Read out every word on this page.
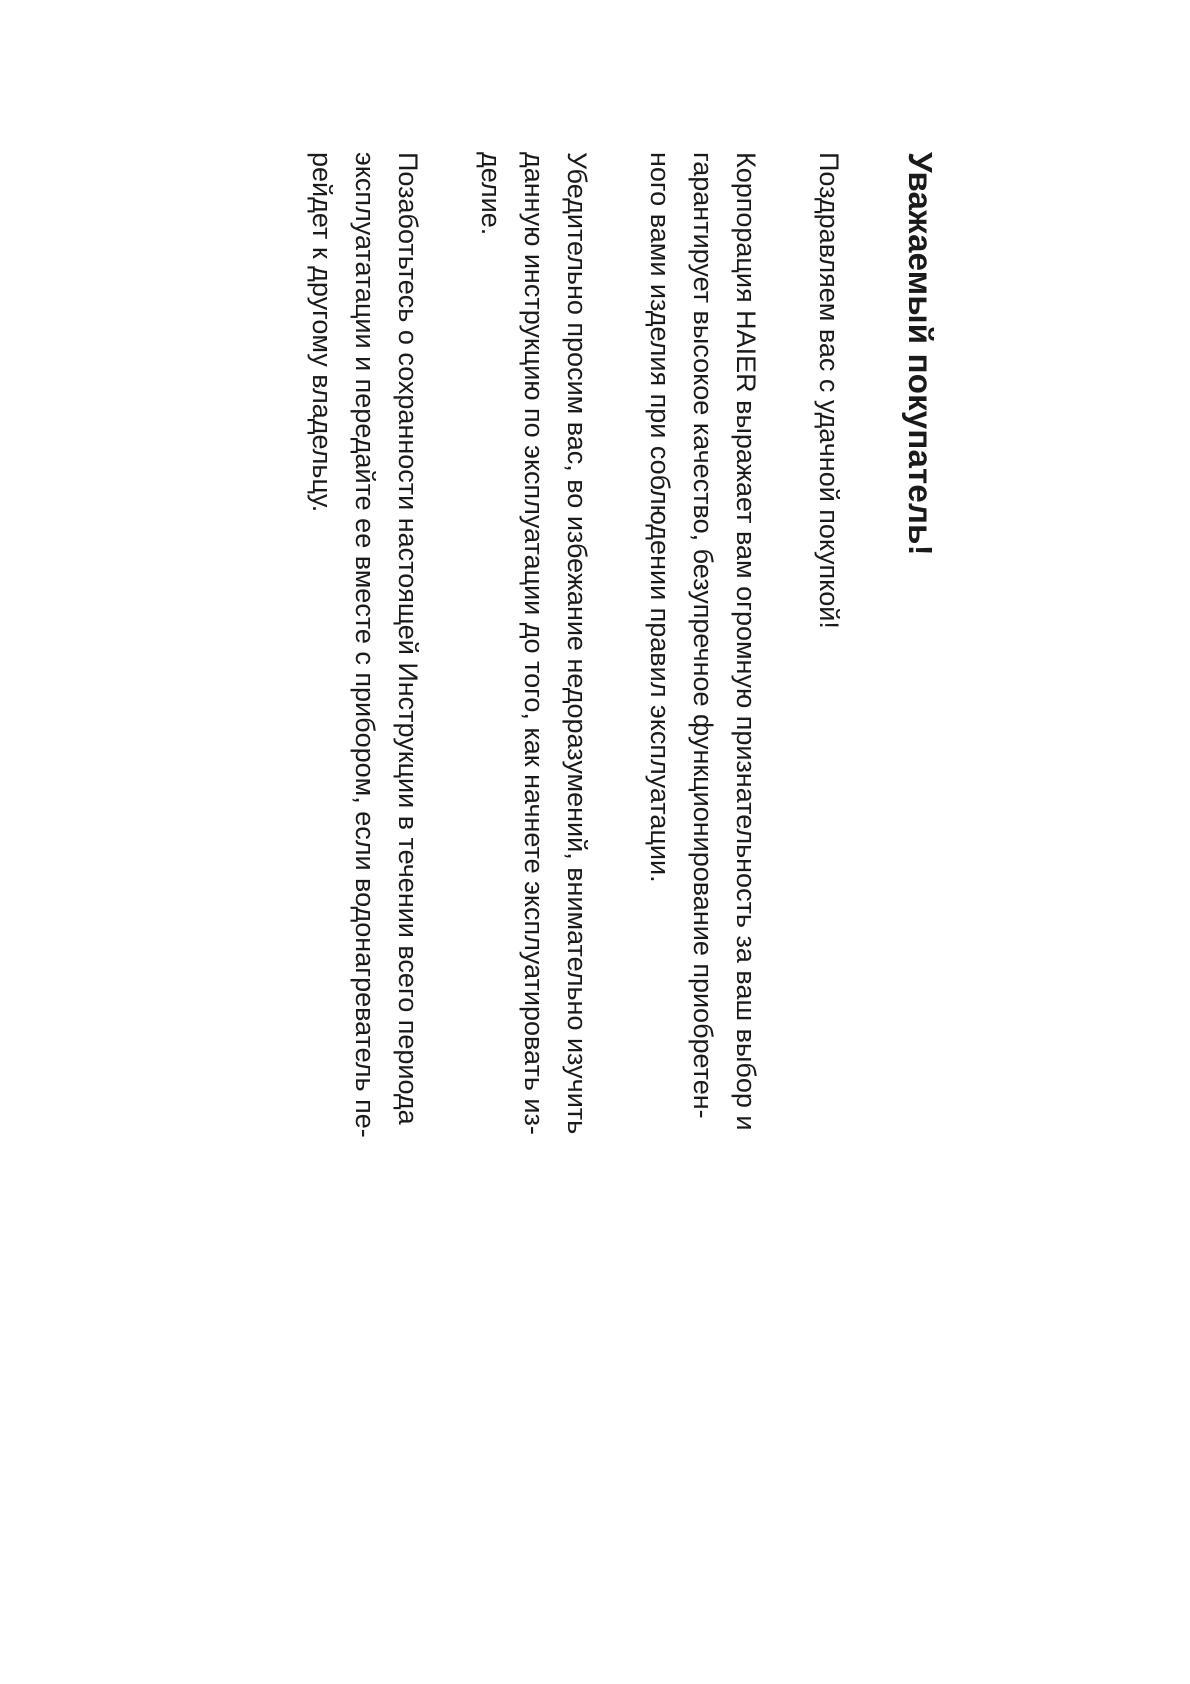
Уважаемый покупатель!

Поздравляем вас с удачной покупкой!

Корпорация HAIER выражает вам огромную признательность за ваш выбор и
гарантирует высокое качество, безупречное функционирование приобретен-
ного вами изделия при соблюдении правил эксплуатации.

Убедительно просим вас, во избежание недоразумений, внимательно изучить
данную инструкцию по эксплуатации до того, как начнете эксплуатировать из-
делие.

Позаботьтесь о сохранности настоящей Инструкции в течении всего периода
эксплуататации и передайте ее вместе с прибором, если водонагреватель пе-
рейдет к другому владельцу.
